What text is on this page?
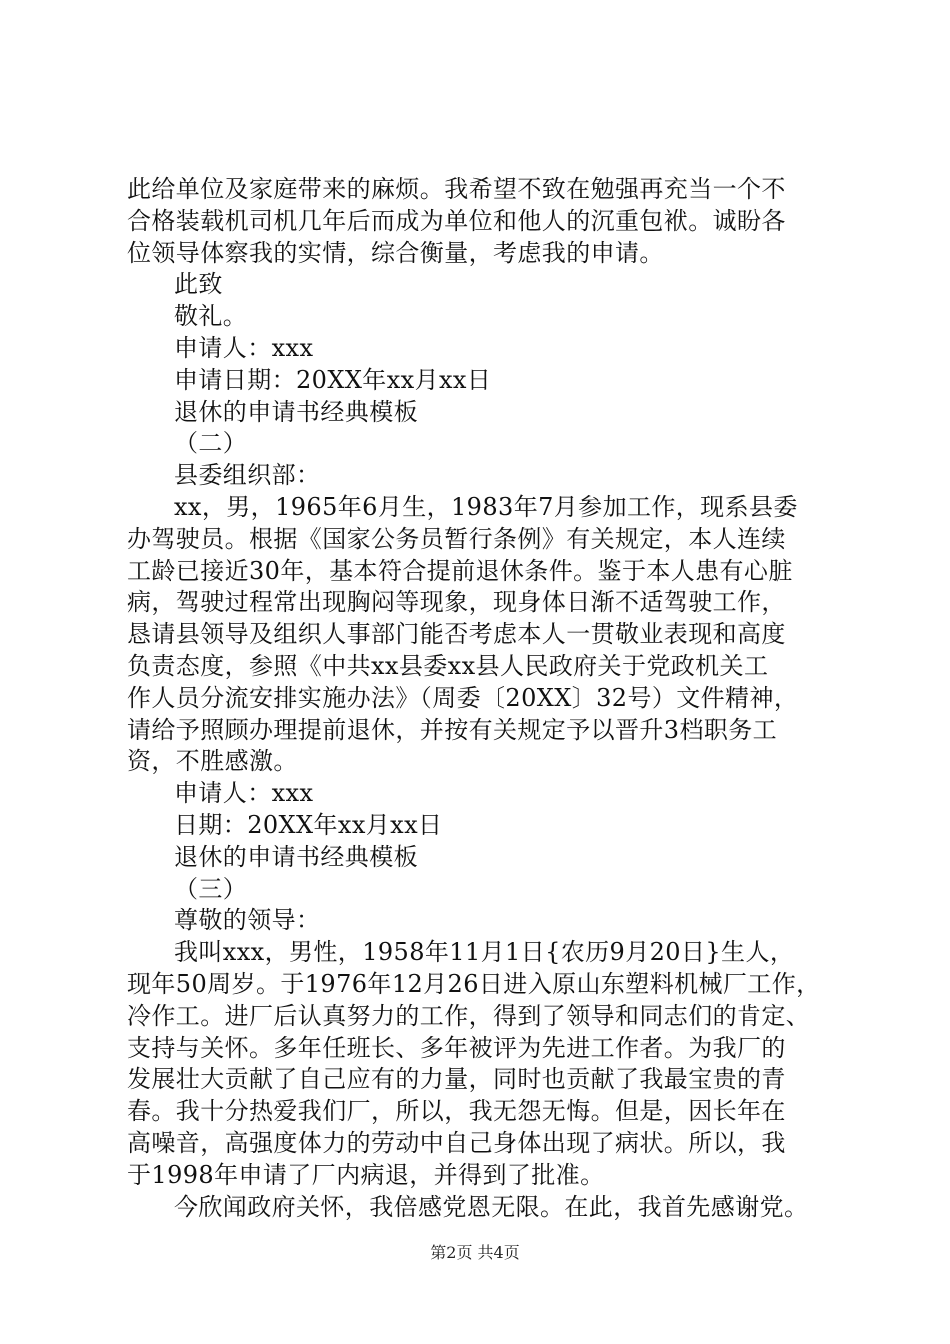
此给单位及家庭带来的麻烦。我希望不致在勉强再充当一个不
合格装载机司机几年后而成为单位和他人的沉重包袱。诚盼各
位领导体察我的实情，综合衡量，考虑我的申请。
此致
敬礼。
申请人：xxx
申请日期：20XX年xx月xx日
退休的申请书经典模板
（二）
县委组织部：
xx，男，1965年6月生，1983年7月参加工作，现系县委
办驾驶员。根据《国家公务员暂行条例》有关规定，本人连续
工龄已接近30年，基本符合提前退休条件。鉴于本人患有心脏
病，驾驶过程常出现胸闷等现象，现身体日渐不适驾驶工作，
恳请县领导及组织人事部门能否考虑本人一贯敬业表现和高度
负责态度，参照《中共xx县委xx县人民政府关于党政机关工
作人员分流安排实施办法》（周委〔20XX〕32号）文件精神，
请给予照顾办理提前退休，并按有关规定予以晋升3档职务工
资，不胜感激。
申请人：xxx
日期：20XX年xx月xx日
退休的申请书经典模板
（三）
尊敬的领导：
我叫xxx，男性，1958年11月1日{农历9月20日}生人，
现年50周岁。于1976年12月26日进入原山东塑料机械厂工作，
冷作工。进厂后认真努力的工作，得到了领导和同志们的肯定、
支持与关怀。多年任班长、多年被评为先进工作者。为我厂的
发展壮大贡献了自己应有的力量，同时也贡献了我最宝贵的青
春。我十分热爱我们厂，所以，我无怨无悔。但是，因长年在
高噪音，高强度体力的劳动中自己身体出现了病状。所以，我
于1998年申请了厂内病退，并得到了批准。
今欣闻政府关怀，我倍感党恩无限。在此，我首先感谢党。
第2页 共4页
